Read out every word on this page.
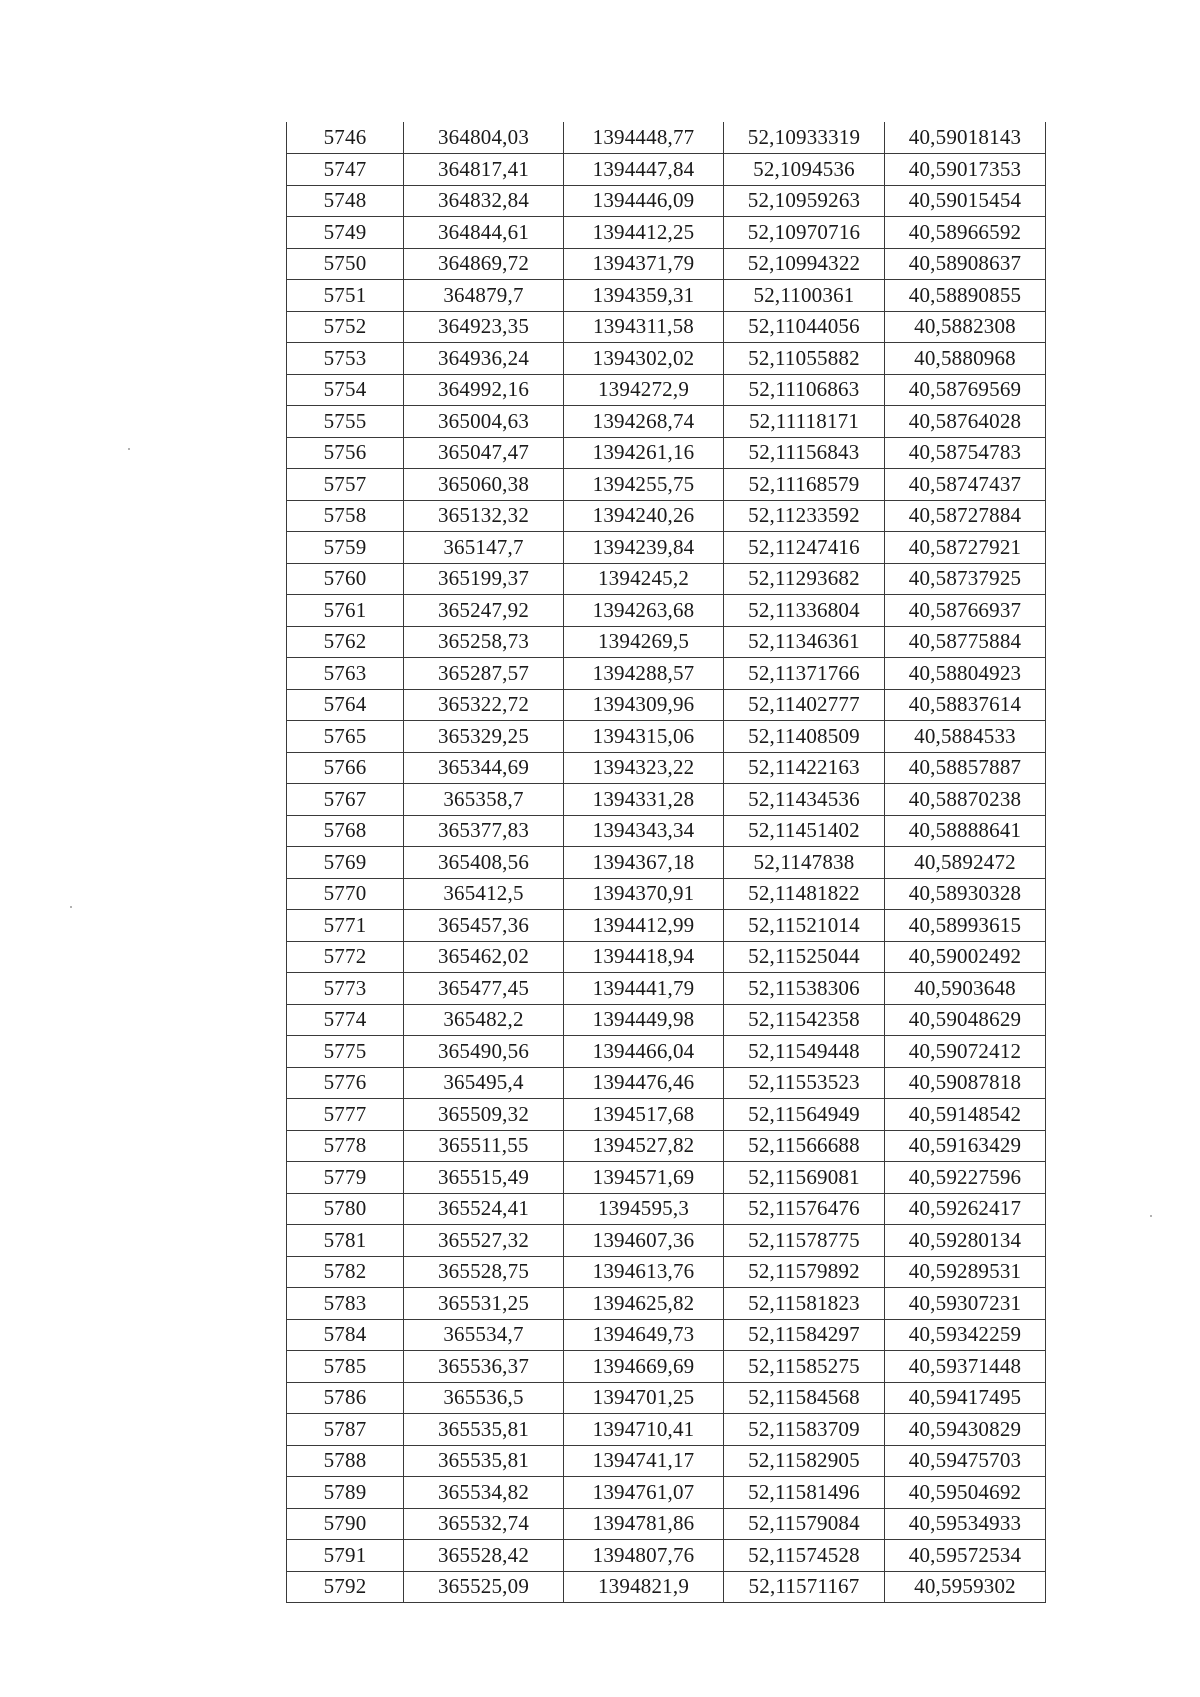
5746	364804,03	1394448,77	52,10933319	40,59018143
5747	364817,41	1394447,84	52,1094536	40,59017353
5748	364832,84	1394446,09	52,10959263	40,59015454
5749	364844,61	1394412,25	52,10970716	40,58966592
5750	364869,72	1394371,79	52,10994322	40,58908637
5751	364879,7	1394359,31	52,1100361	40,58890855
5752	364923,35	1394311,58	52,11044056	40,5882308
5753	364936,24	1394302,02	52,11055882	40,5880968
5754	364992,16	1394272,9	52,11106863	40,58769569
5755	365004,63	1394268,74	52,11118171	40,58764028
5756	365047,47	1394261,16	52,11156843	40,58754783
5757	365060,38	1394255,75	52,11168579	40,58747437
5758	365132,32	1394240,26	52,11233592	40,58727884
5759	365147,7	1394239,84	52,11247416	40,58727921
5760	365199,37	1394245,2	52,11293682	40,58737925
5761	365247,92	1394263,68	52,11336804	40,58766937
5762	365258,73	1394269,5	52,11346361	40,58775884
5763	365287,57	1394288,57	52,11371766	40,58804923
5764	365322,72	1394309,96	52,11402777	40,58837614
5765	365329,25	1394315,06	52,11408509	40,5884533
5766	365344,69	1394323,22	52,11422163	40,58857887
5767	365358,7	1394331,28	52,11434536	40,58870238
5768	365377,83	1394343,34	52,11451402	40,58888641
5769	365408,56	1394367,18	52,1147838	40,5892472
5770	365412,5	1394370,91	52,11481822	40,58930328
5771	365457,36	1394412,99	52,11521014	40,58993615
5772	365462,02	1394418,94	52,11525044	40,59002492
5773	365477,45	1394441,79	52,11538306	40,5903648
5774	365482,2	1394449,98	52,11542358	40,59048629
5775	365490,56	1394466,04	52,11549448	40,59072412
5776	365495,4	1394476,46	52,11553523	40,59087818
5777	365509,32	1394517,68	52,11564949	40,59148542
5778	365511,55	1394527,82	52,11566688	40,59163429
5779	365515,49	1394571,69	52,11569081	40,59227596
5780	365524,41	1394595,3	52,11576476	40,59262417
5781	365527,32	1394607,36	52,11578775	40,59280134
5782	365528,75	1394613,76	52,11579892	40,59289531
5783	365531,25	1394625,82	52,11581823	40,59307231
5784	365534,7	1394649,73	52,11584297	40,59342259
5785	365536,37	1394669,69	52,11585275	40,59371448
5786	365536,5	1394701,25	52,11584568	40,59417495
5787	365535,81	1394710,41	52,11583709	40,59430829
5788	365535,81	1394741,17	52,11582905	40,59475703
5789	365534,82	1394761,07	52,11581496	40,59504692
5790	365532,74	1394781,86	52,11579084	40,59534933
5791	365528,42	1394807,76	52,11574528	40,59572534
5792	365525,09	1394821,9	52,11571167	40,5959302
